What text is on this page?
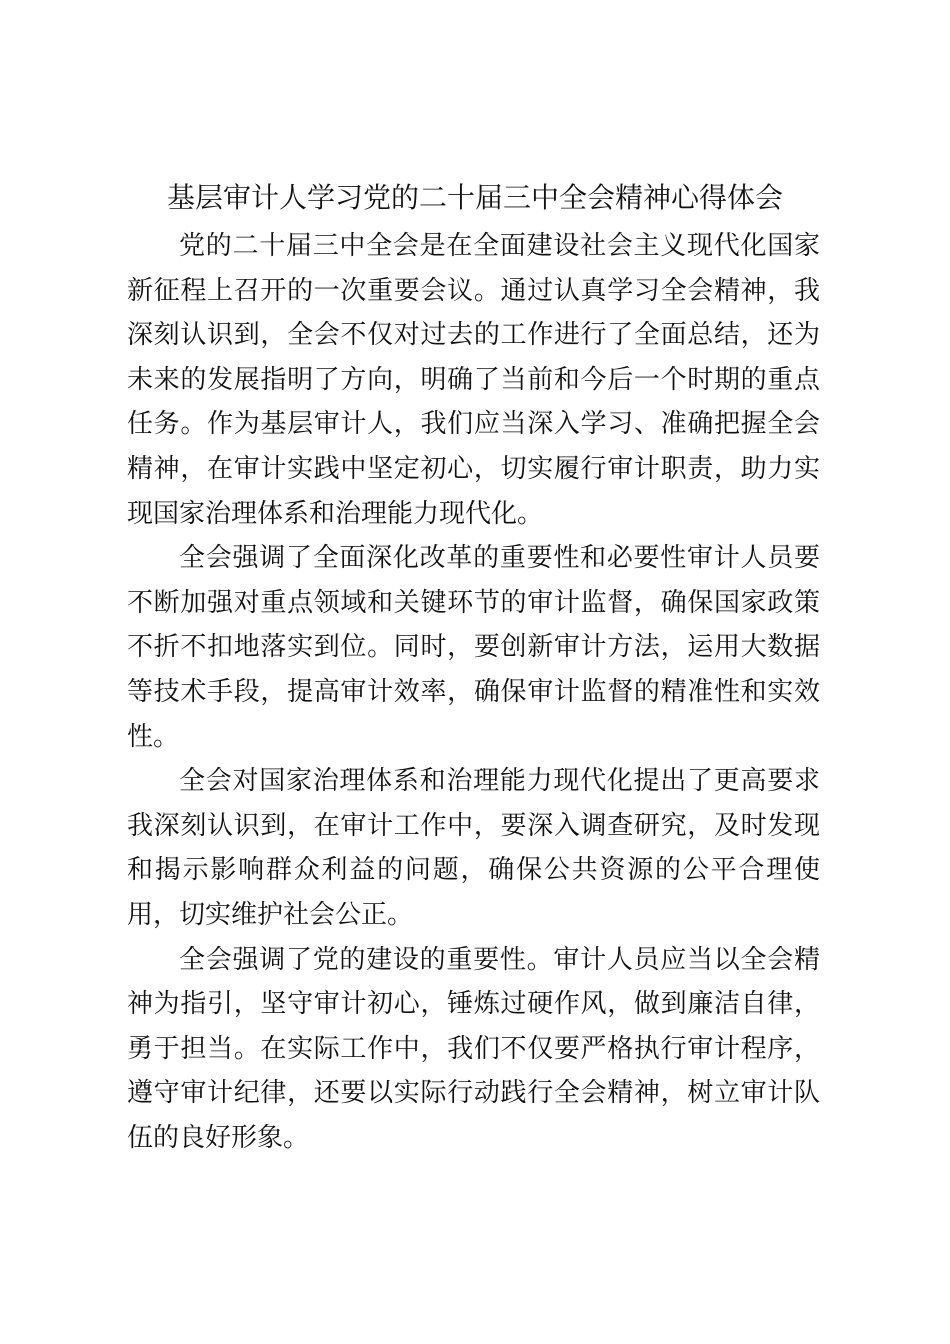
基层审计人学习党的二十届三中全会精神心得体会

党的二十届三中全会是在全面建设社会主义现代化国家新征程上召开的一次重要会议。通过认真学习全会精神，我深刻认识到，全会不仅对过去的工作进行了全面总结，还为未来的发展指明了方向，明确了当前和今后一个时期的重点任务。作为基层审计人，我们应当深入学习、准确把握全会精神，在审计实践中坚定初心，切实履行审计职责，助力实现国家治理体系和治理能力现代化。

全会强调了全面深化改革的重要性和必要性审计人员要不断加强对重点领域和关键环节的审计监督，确保国家政策不折不扣地落实到位。同时，要创新审计方法，运用大数据等技术手段，提高审计效率，确保审计监督的精准性和实效性。

全会对国家治理体系和治理能力现代化提出了更高要求我深刻认识到，在审计工作中，要深入调查研究，及时发现和揭示影响群众利益的问题，确保公共资源的公平合理使用，切实维护社会公正。

全会强调了党的建设的重要性。审计人员应当以全会精神为指引，坚守审计初心，锤炼过硬作风，做到廉洁自律，勇于担当。在实际工作中，我们不仅要严格执行审计程序，遵守审计纪律，还要以实际行动践行全会精神，树立审计队伍的良好形象。
